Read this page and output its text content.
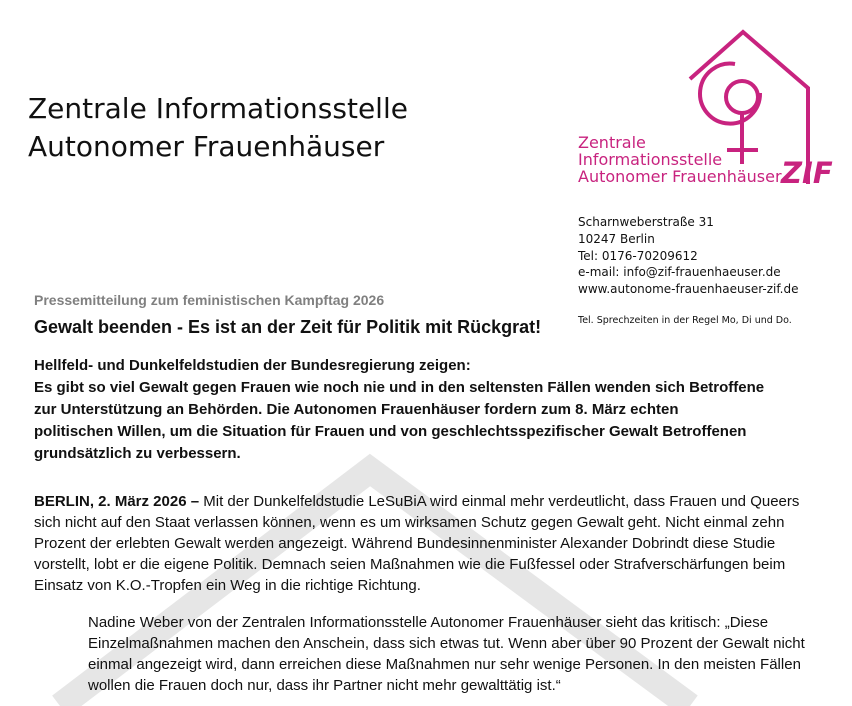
Zentrale Informationsstelle
Autonomer Frauenhäuser	Zentrale
Informationsstelle
Autonomer Frauenhäuser ZIF
Scharnweberstraße 31
10247 Berlin
Tel: 0176-70209612
e-mail: info@zif-frauenhaeuser.de
www.autonome-frauenhaeuser-zif.de
Tel. Sprechzeiten in der Regel Mo, Di und Do.
Pressemitteilung zum feministischen Kampftag 2026
Gewalt beenden - Es ist an der Zeit für Politik mit Rückgrat!
Hellfeld- und Dunkelfeldstudien der Bundesregierung zeigen:
Es gibt so viel Gewalt gegen Frauen wie noch nie und in den seltensten Fällen wenden sich Betroffene
zur Unterstützung an Behörden. Die Autonomen Frauenhäuser fordern zum 8. März echten
politischen Willen, um die Situation für Frauen und von geschlechtsspezifischer Gewalt Betroffenen
grundsätzlich zu verbessern.
BERLIN, 2. März 2026 – Mit der Dunkelfeldstudie LeSuBiA wird einmal mehr verdeutlicht, dass Frauen und Queers
sich nicht auf den Staat verlassen können, wenn es um wirksamen Schutz gegen Gewalt geht. Nicht einmal zehn
Prozent der erlebten Gewalt werden angezeigt. Während Bundesinnenminister Alexander Dobrindt diese Studie
vorstellt, lobt er die eigene Politik. Demnach seien Maßnahmen wie die Fußfessel oder Strafverschärfungen beim
Einsatz von K.O.-Tropfen ein Weg in die richtige Richtung.
Nadine Weber von der Zentralen Informationsstelle Autonomer Frauenhäuser sieht das kritisch: „Diese
Einzelmaßnahmen machen den Anschein, dass sich etwas tut. Wenn aber über 90 Prozent der Gewalt nicht
einmal angezeigt wird, dann erreichen diese Maßnahmen nur sehr wenige Personen. In den meisten Fällen
wollen die Frauen doch nur, dass ihr Partner nicht mehr gewalttätig ist.“
